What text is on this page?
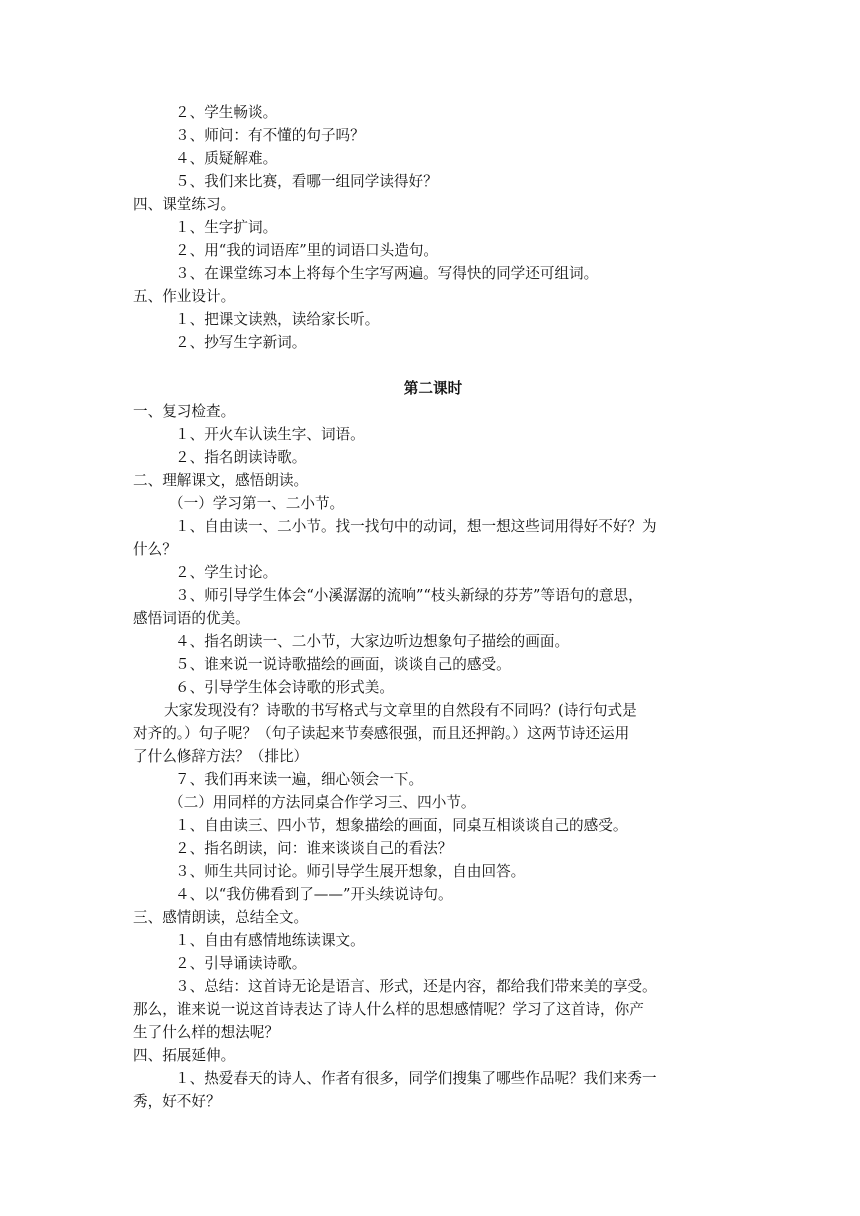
２、学生畅谈。
３、师问：有不懂的句子吗？
４、质疑解难。
５、我们来比赛，看哪一组同学读得好？
四、课堂练习。
１、生字扩词。
２、用“我的词语库”里的词语口头造句。
３、在课堂练习本上将每个生字写两遍。写得快的同学还可组词。
五、作业设计。
１、把课文读熟，读给家长听。
２、抄写生字新词。
第二课时
一、复习检查。
１、开火车认读生字、词语。
２、指名朗读诗歌。
二、理解课文，感悟朗读。
（一）学习第一、二小节。
１、自由读一、二小节。找一找句中的动词，想一想这些词用得好不好？为
什么？
２、学生讨论。
３、师引导学生体会“小溪潺潺的流响”“枝头新绿的芬芳”等语句的意思，
感悟词语的优美。
４、指名朗读一、二小节，大家边听边想象句子描绘的画面。
５、谁来说一说诗歌描绘的画面，谈谈自己的感受。
６、引导学生体会诗歌的形式美。
大家发现没有？诗歌的书写格式与文章里的自然段有不同吗？(诗行句式是
对齐的。）句子呢？（句子读起来节奏感很强，而且还押韵。）这两节诗还运用
了什么修辞方法？（排比）
７、我们再来读一遍，细心领会一下。
（二）用同样的方法同桌合作学习三、四小节。
１、自由读三、四小节，想象描绘的画面，同桌互相谈谈自己的感受。
２、指名朗读，问：谁来谈谈自己的看法？
３、师生共同讨论。师引导学生展开想象，自由回答。
４、以“我仿佛看到了——”开头续说诗句。
三、感情朗读，总结全文。
１、自由有感情地练读课文。
２、引导诵读诗歌。
３、总结：这首诗无论是语言、形式，还是内容，都给我们带来美的享受。
那么，谁来说一说这首诗表达了诗人什么样的思想感情呢？学习了这首诗，你产
生了什么样的想法呢？
四、拓展延伸。
１、热爱春天的诗人、作者有很多，同学们搜集了哪些作品呢？我们来秀一
秀，好不好？
